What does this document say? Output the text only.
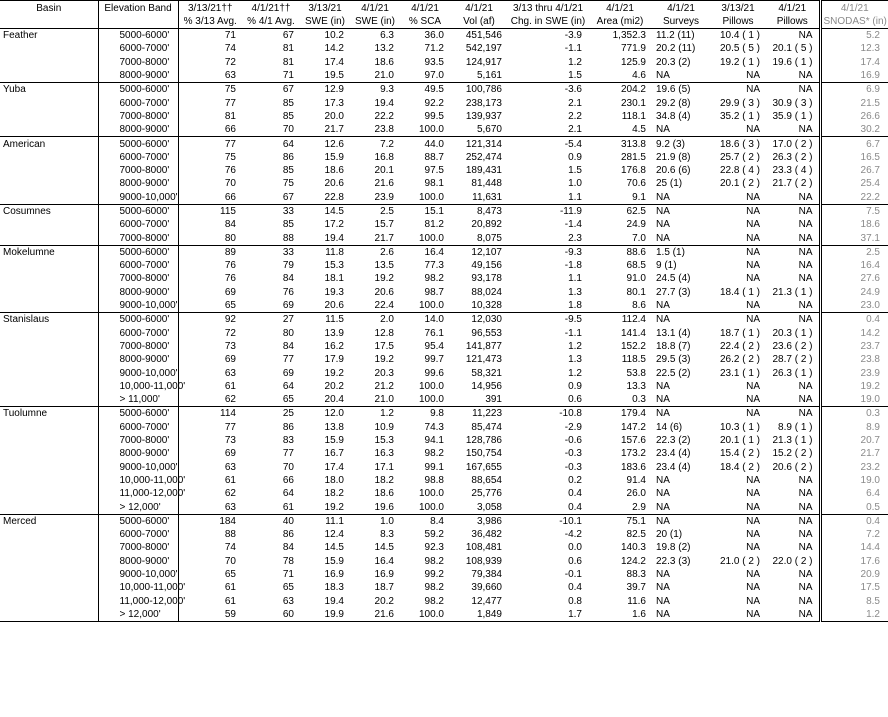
Basin	Elevation Band	3/13/21††	4/1/21††	3/13/21	4/1/21	4/1/21	4/1/21	3/13 thru 4/1/21	4/1/21	4/1/21	3/13/21	4/1/21	4/1/21
		% 3/13 Avg.	% 4/1 Avg.	SWE (in)	SWE (in)	% SCA	Vol (af)	Chg. in SWE (in)	Area (mi2)	Surveys	Pillows	Pillows	SNODAS* (in)
Feather	5000-6000'	71	67	10.2	6.3	36.0	451,546	-3.9	1,352.3	11.2 (11)	10.4 ( 1 )	NA	5.2
	6000-7000'	74	81	14.2	13.2	71.2	542,197	-1.1	771.9	20.2 (11)	20.5 ( 5 )	20.1 ( 5 )	12.3
	7000-8000'	72	81	17.4	18.6	93.5	124,917	1.2	125.9	20.3 (2)	19.2 ( 1 )	19.6 ( 1 )	17.4
	8000-9000'	63	71	19.5	21.0	97.0	5,161	1.5	4.6	NA	NA	NA	16.9
Yuba	5000-6000'	75	67	12.9	9.3	49.5	100,786	-3.6	204.2	19.6 (5)	NA	NA	6.9
	6000-7000'	77	85	17.3	19.4	92.2	238,173	2.1	230.1	29.2 (8)	29.9 ( 3 )	30.9 ( 3 )	21.5
	7000-8000'	81	85	20.0	22.2	99.5	139,937	2.2	118.1	34.8 (4)	35.2 ( 1 )	35.9 ( 1 )	26.6
	8000-9000'	66	70	21.7	23.8	100.0	5,670	2.1	4.5	NA	NA	NA	30.2
American	5000-6000'	77	64	12.6	7.2	44.0	121,314	-5.4	313.8	9.2 (3)	18.6 ( 3 )	17.0 ( 2 )	6.7
	6000-7000'	75	86	15.9	16.8	88.7	252,474	0.9	281.5	21.9 (8)	25.7 ( 2 )	26.3 ( 2 )	16.5
	7000-8000'	76	85	18.6	20.1	97.5	189,431	1.5	176.8	20.6 (6)	22.8 ( 4 )	23.3 ( 4 )	26.7
	8000-9000'	70	75	20.6	21.6	98.1	81,448	1.0	70.6	25 (1)	20.1 ( 2 )	21.7 ( 2 )	25.4
	9000-10,000'	66	67	22.8	23.9	100.0	11,631	1.1	9.1	NA	NA	NA	22.2
Cosumnes	5000-6000'	115	33	14.5	2.5	15.1	8,473	-11.9	62.5	NA	NA	NA	7.5
	6000-7000'	84	85	17.2	15.7	81.2	20,892	-1.4	24.9	NA	NA	NA	18.6
	7000-8000'	80	88	19.4	21.7	100.0	8,075	2.3	7.0	NA	NA	NA	37.1
Mokelumne	5000-6000'	89	33	11.8	2.6	16.4	12,107	-9.3	88.6	1.5 (1)	NA	NA	2.5
	6000-7000'	76	79	15.3	13.5	77.3	49,156	-1.8	68.5	9 (1)	NA	NA	16.4
	7000-8000'	76	84	18.1	19.2	98.2	93,178	1.1	91.0	24.5 (4)	NA	NA	27.6
	8000-9000'	69	76	19.3	20.6	98.7	88,024	1.3	80.1	27.7 (3)	18.4 ( 1 )	21.3 ( 1 )	24.9
	9000-10,000'	65	69	20.6	22.4	100.0	10,328	1.8	8.6	NA	NA	NA	23.0
Stanislaus	5000-6000'	92	27	11.5	2.0	14.0	12,030	-9.5	112.4	NA	NA	NA	0.4
	6000-7000'	72	80	13.9	12.8	76.1	96,553	-1.1	141.4	13.1 (4)	18.7 ( 1 )	20.3 ( 1 )	14.2
	7000-8000'	73	84	16.2	17.5	95.4	141,877	1.2	152.2	18.8 (7)	22.4 ( 2 )	23.6 ( 2 )	23.7
	8000-9000'	69	77	17.9	19.2	99.7	121,473	1.3	118.5	29.5 (3)	26.2 ( 2 )	28.7 ( 2 )	23.8
	9000-10,000'	63	69	19.2	20.3	99.6	58,321	1.2	53.8	22.5 (2)	23.1 ( 1 )	26.3 ( 1 )	23.9
	10,000-11,000'	61	64	20.2	21.2	100.0	14,956	0.9	13.3	NA	NA	NA	19.2
	> 11,000'	62	65	20.4	21.0	100.0	391	0.6	0.3	NA	NA	NA	19.0
Tuolumne	5000-6000'	114	25	12.0	1.2	9.8	11,223	-10.8	179.4	NA	NA	NA	0.3
	6000-7000'	77	86	13.8	10.9	74.3	85,474	-2.9	147.2	14 (6)	10.3 ( 1 )	8.9 ( 1 )	8.9
	7000-8000'	73	83	15.9	15.3	94.1	128,786	-0.6	157.6	22.3 (2)	20.1 ( 1 )	21.3 ( 1 )	20.7
	8000-9000'	69	77	16.7	16.3	98.2	150,754	-0.3	173.2	23.4 (4)	15.4 ( 2 )	15.2 ( 2 )	21.7
	9000-10,000'	63	70	17.4	17.1	99.1	167,655	-0.3	183.6	23.4 (4)	18.4 ( 2 )	20.6 ( 2 )	23.2
	10,000-11,000'	61	66	18.0	18.2	98.8	88,654	0.2	91.4	NA	NA	NA	19.0
	11,000-12,000'	62	64	18.2	18.6	100.0	25,776	0.4	26.0	NA	NA	NA	6.4
	> 12,000'	63	61	19.2	19.6	100.0	3,058	0.4	2.9	NA	NA	NA	0.5
Merced	5000-6000'	184	40	11.1	1.0	8.4	3,986	-10.1	75.1	NA	NA	NA	0.4
	6000-7000'	88	86	12.4	8.3	59.2	36,482	-4.2	82.5	20 (1)	NA	NA	7.2
	7000-8000'	74	84	14.5	14.5	92.3	108,481	0.0	140.3	19.8 (2)	NA	NA	14.4
	8000-9000'	70	78	15.9	16.4	98.2	108,939	0.6	124.2	22.3 (3)	21.0 ( 2 )	22.0 ( 2 )	17.6
	9000-10,000'	65	71	16.9	16.9	99.2	79,384	-0.1	88.3	NA	NA	NA	20.9
	10,000-11,000'	61	65	18.3	18.7	98.2	39,660	0.4	39.7	NA	NA	NA	17.5
	11,000-12,000'	61	63	19.4	20.2	98.2	12,477	0.8	11.6	NA	NA	NA	8.5
	> 12,000'	59	60	19.9	21.6	100.0	1,849	1.7	1.6	NA	NA	NA	1.2
